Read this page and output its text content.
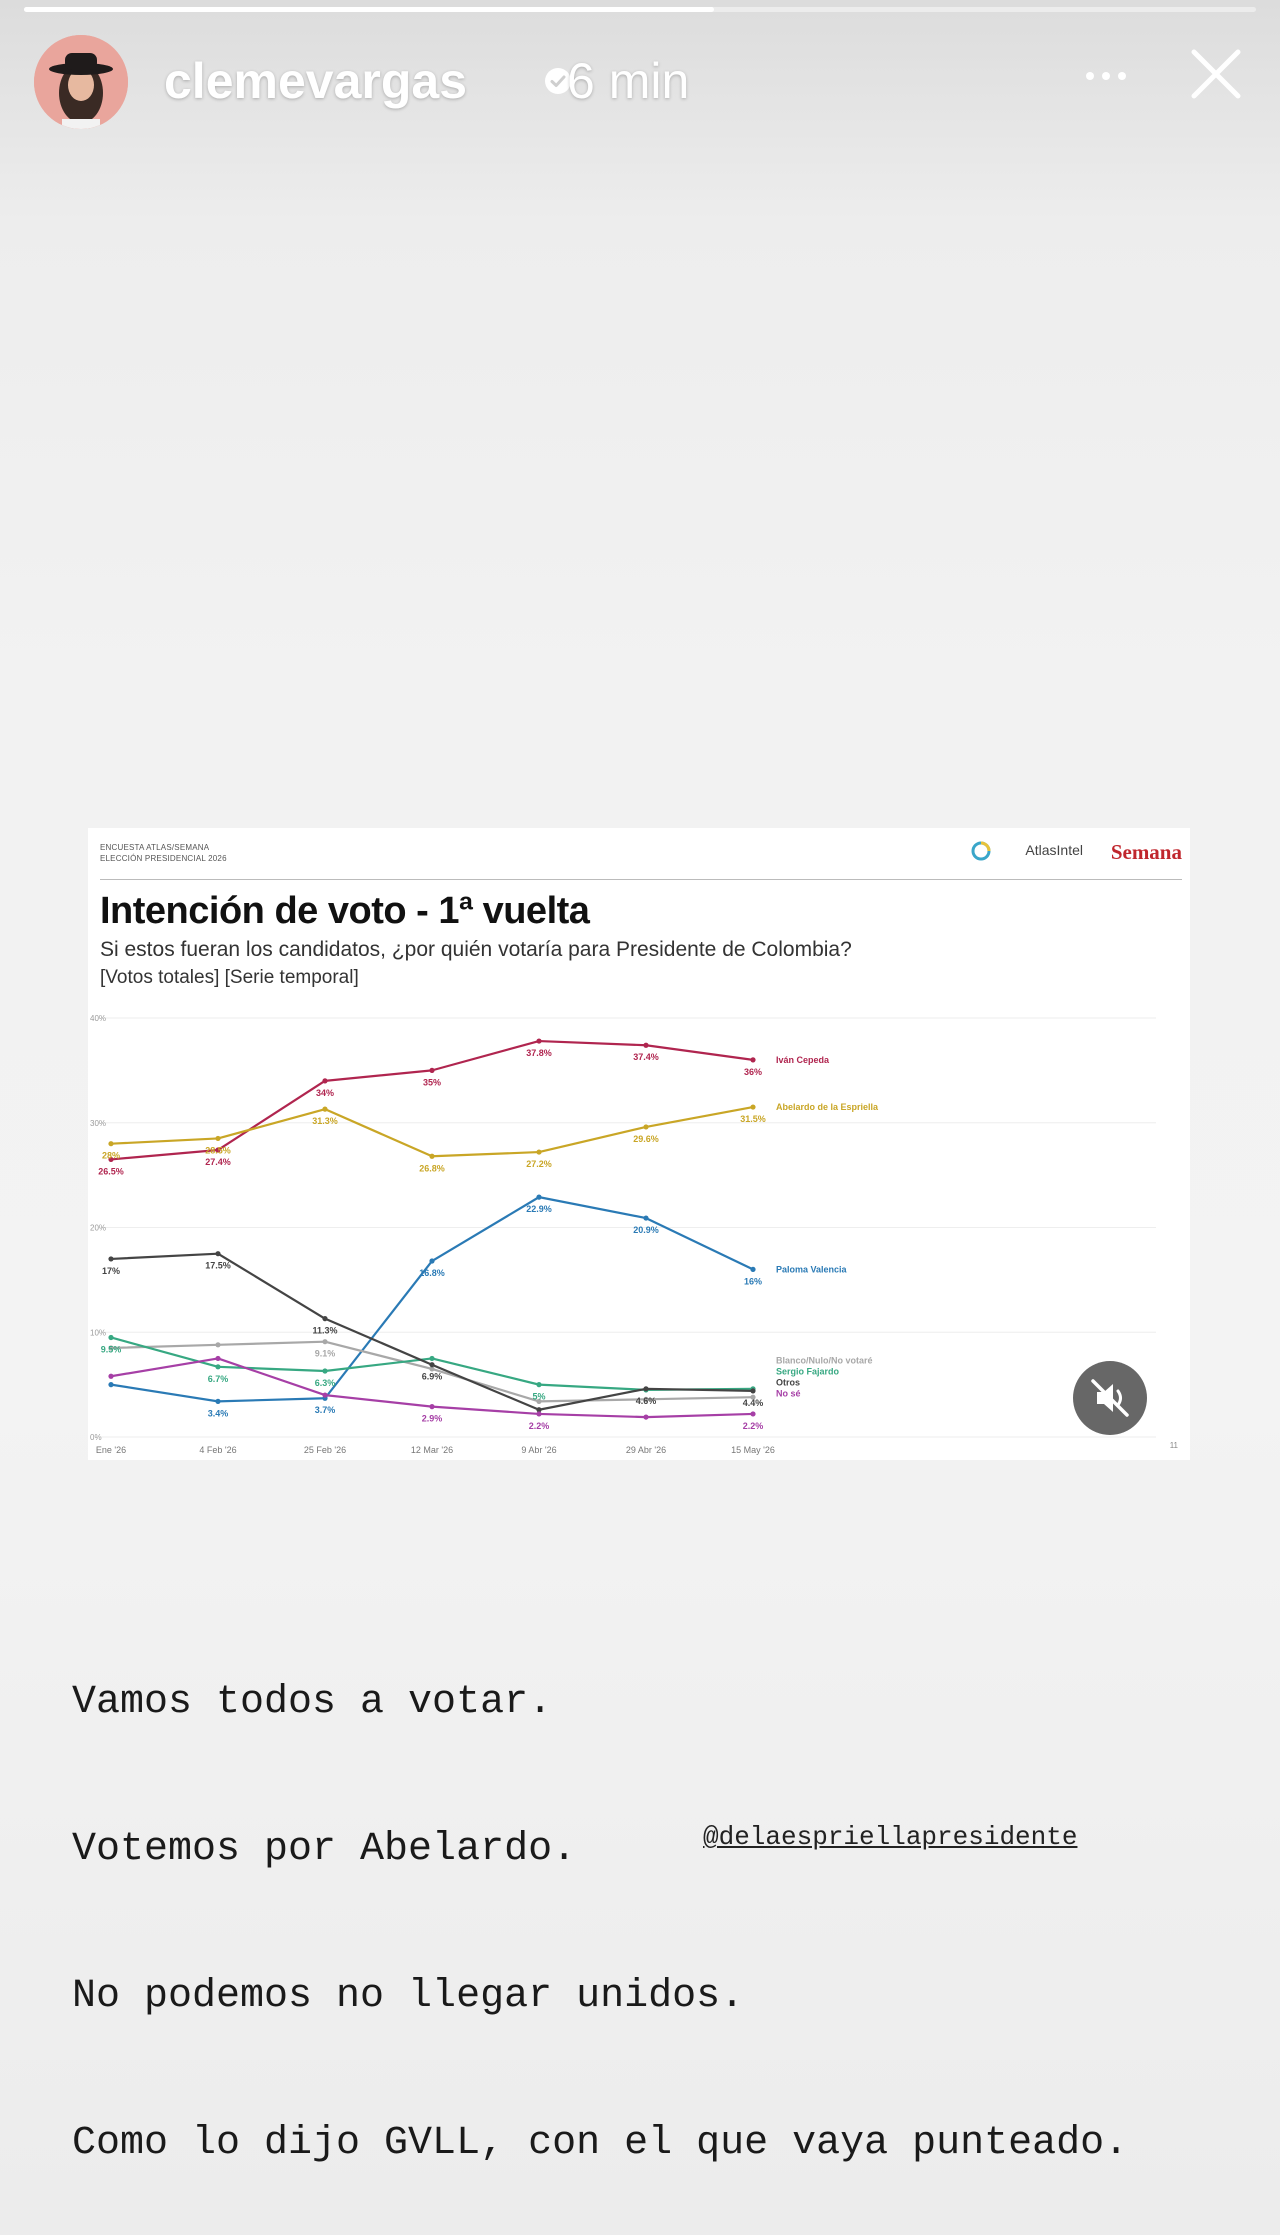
clemevargas 6 min
ENCUESTA ATLAS/SEMANA
ELECCIÓN PRESIDENCIAL 2026
AtlasIntel Semana
Intención de voto - 1ª vuelta
Si estos fueran los candidatos, ¿por quién votaría para Presidente de Colombia?
[Votos totales] [Serie temporal]
0%
10%
20%
30%
40%
Ene '26	4 Feb '26	25 Feb '26	12 Mar '26	9 Abr '26	29 Abr '26	15 May '26
26.5%
27.4%
34%
35%
37.8%	37.4%
36%
28%
28.5%
31.3%
26.8%	27.2%
29.6%
31.5%
3.4%	3.7%
16.8%
22.9%
20.9%
16%
9.1%
9.5%
6.7%	6.3%
5%
17%
17.5%
11.3%
6.9%
4.6%	4.4%
2.9%
2.2%	2.2%
Iván Cepeda
Abelardo de la Espriella
Paloma Valencia
Blanco/Nulo/No votaré
Sergio Fajardo
Otros
No sé
11

Vamos todos a votar.

Votemos por Abelardo.

No podemos no llegar unidos.

Como lo dijo GVLL, con el que vaya punteado.

@delaespriellapresidente
